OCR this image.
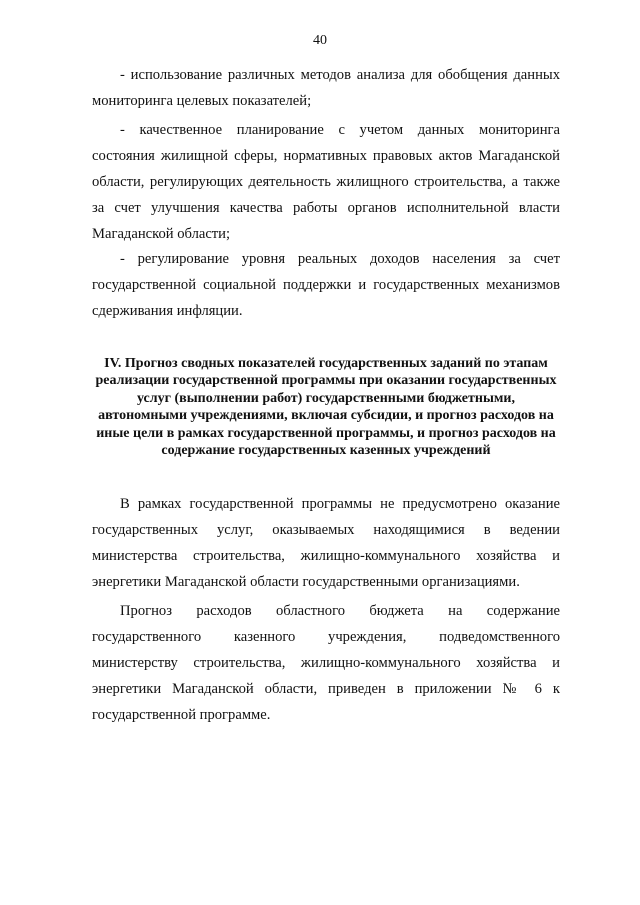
40

- использование различных методов анализа для обобщения данных мониторинга целевых показателей;

- качественное планирование с учетом данных мониторинга состояния жилищной сферы, нормативных правовых актов Магаданской области, регулирующих деятельность жилищного строительства, а также за счет улучшения качества работы органов исполнительной власти Магаданской области;

- регулирование уровня реальных доходов населения за счет государственной социальной поддержки и государственных механизмов сдерживания инфляции.

IV. Прогноз сводных показателей государственных заданий по этапам реализации государственной программы при оказании государственных услуг (выполнении работ) государственными бюджетными, автономными учреждениями, включая субсидии, и прогноз расходов на иные цели в рамках государственной программы, и прогноз расходов на содержание государственных казенных учреждений

В рамках государственной программы не предусмотрено оказание государственных услуг, оказываемых находящимися в ведении министерства строительства, жилищно-коммунального хозяйства и энергетики Магаданской области государственными организациями.

Прогноз расходов областного бюджета на содержание государственного казенного учреждения, подведомственного министерству строительства, жилищно-коммунального хозяйства и энергетики Магаданской области, приведен в приложении № 6 к государственной программе.
